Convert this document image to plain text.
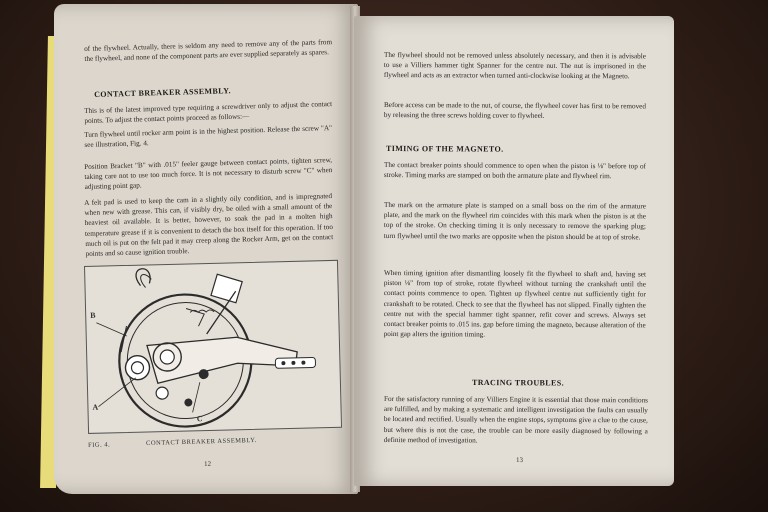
of the flywheel. Actually, there is seldom any need to remove any of the parts from the flywheel, and none of the component parts are ever supplied separately as spares.
CONTACT BREAKER ASSEMBLY.
This is of the latest improved type requiring a screwdriver only to adjust the contact points. To adjust the contact points proceed as follows:—
Turn flywheel until rocker arm point is in the highest position. Release the screw "A" see illustration, Fig. 4.
Position Bracket "B" with .015" feeler gauge between contact points, tighten screw, taking care not to use too much force. It is not necessary to disturb screw "C" when adjusting point gap.
A felt pad is used to keep the cam in a slightly oily condition, and is impregnated when new with grease. This can, if visibly dry, be oiled with a small amount of the heaviest oil available. It is better, however, to soak the pad in a molten high temperature grease if it is convenient to detach the box itself for this operation. If too much oil is put on the felt pad it may creep along the Rocker Arm, get on the contact points and so cause ignition trouble.
B
A
C
FIG. 4.	CONTACT BREAKER ASSEMBLY.
12
The flywheel should not be removed unless absolutely necessary, and then it is advisable to use a Villiers hammer tight Spanner for the centre nut. The nut is imprisoned in the flywheel and acts as an extractor when turned anti-clockwise looking at the Magneto.
Before access can be made to the nut, of course, the flywheel cover has first to be removed by releasing the three screws holding cover to flywheel.
TIMING OF THE MAGNETO.
The contact breaker points should commence to open when the piston is ⅛" before top of stroke. Timing marks are stamped on both the armature plate and flywheel rim.
The mark on the armature plate is stamped on a small boss on the rim of the armature plate, and the mark on the flywheel rim coincides with this mark when the piston is at the top of the stroke. On checking timing it is only necessary to remove the sparking plug; turn flywheel until the two marks are opposite when the piston should be at top of stroke.
When timing ignition after dismantling loosely fit the flywheel to shaft and, having set piston ⅛" from top of stroke, rotate flywheel without turning the crankshaft until the contact points commence to open. Tighten up flywheel centre nut sufficiently tight for crankshaft to be rotated. Check to see that the flywheel has not slipped. Finally tighten the centre nut with the special hammer tight spanner, refit cover and screws. Always set contact breaker points to .015 ins. gap before timing the magneto, because alteration of the point gap alters the ignition timing.
TRACING TROUBLES.
For the satisfactory running of any Villiers Engine it is essential that those main conditions are fulfilled, and by making a systematic and intelligent investigation the faults can usually be located and rectified. Usually when the engine stops, symptoms give a clue to the cause, but where this is not the case, the trouble can be more easily diagnosed by following a definite method of investigation.
13
